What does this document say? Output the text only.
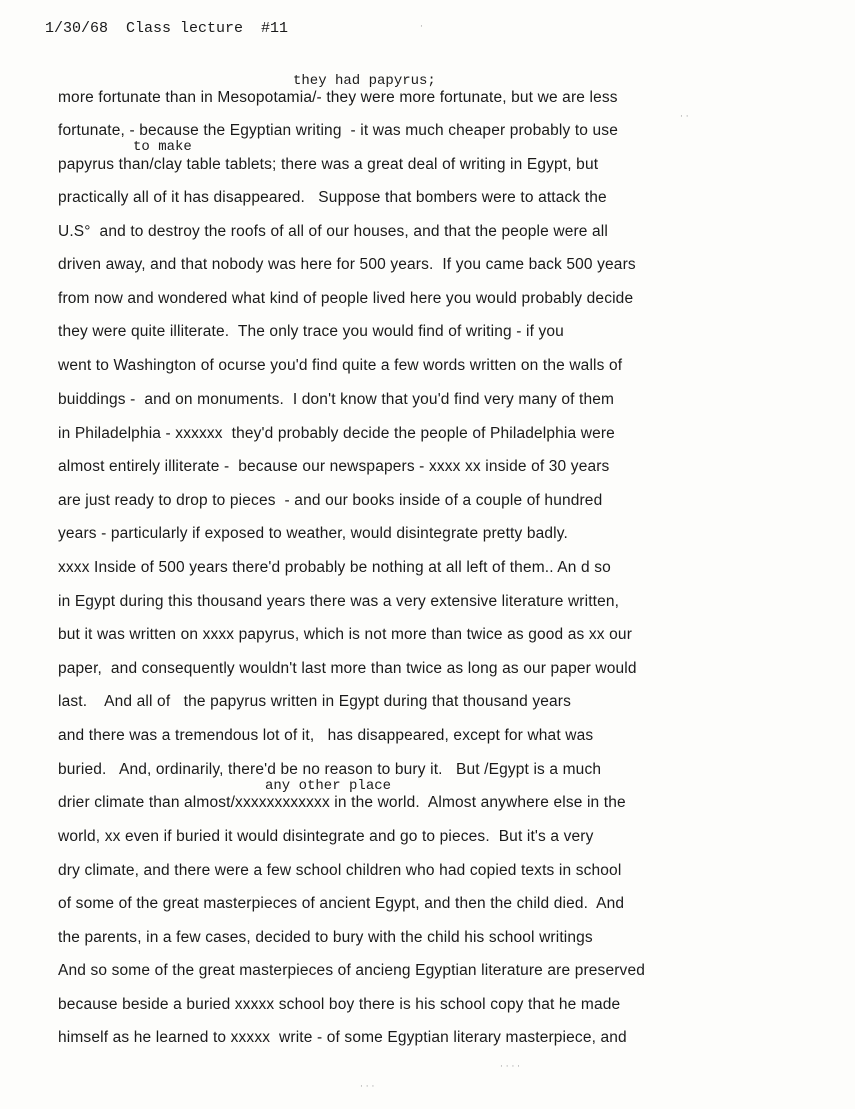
1/30/68  Class lecture  #11
they had papyrus;
to make
any other place
more fortunate than in Mesopotamia/- they were more fortunate, but we are less
fortunate, - because the Egyptian writing  - it was much cheaper probably to use
papyrus than/clay table tablets; there was a great deal of writing in Egypt, but
practically all of it has disappeared.   Suppose that bombers were to attack the
U.S°  and to destroy the roofs of all of our houses, and that the people were all
driven away, and that nobody was here for 500 years.  If you came back 500 years
from now and wondered what kind of people lived here you would probably decide
they were quite illiterate.  The only trace you would find of writing - if you
went to Washington of ocurse you'd find quite a few words written on the walls of
buiddings -  and on monuments.  I don't know that you'd find very many of them
in Philadelphia - xxxxxx  they'd probably decide the people of Philadelphia were
almost entirely illiterate -  because our newspapers - xxxx xx inside of 30 years
are just ready to drop to pieces  - and our books inside of a couple of hundred
years - particularly if exposed to weather, would disintegrate pretty badly.
xxxx Inside of 500 years there'd probably be nothing at all left of them.. An d so
in Egypt during this thousand years there was a very extensive literature written,
but it was written on xxxx papyrus, which is not more than twice as good as xx our
paper,  and consequently wouldn't last more than twice as long as our paper would
last.    And all of   the papyrus written in Egypt during that thousand years
and there was a tremendous lot of it,   has disappeared, except for what was
buried.   And, ordinarily, there'd be no reason to bury it.   But /Egypt is a much
drier climate than almost/xxxxxxxxxxxx in the world.  Almost anywhere else in the
world, xx even if buried it would disintegrate and go to pieces.  But it's a very
dry climate, and there were a few school children who had copied texts in school
of some of the great masterpieces of ancient Egypt, and then the child died.  And
the parents, in a few cases, decided to bury with the child his school writings
And so some of the great masterpieces of ancieng Egyptian literature are preserved
because beside a buried xxxxx school boy there is his school copy that he made
himself as he learned to xxxxx  write - of some Egyptian literary masterpiece, and
· ·
·
· · · ·
· · ·
